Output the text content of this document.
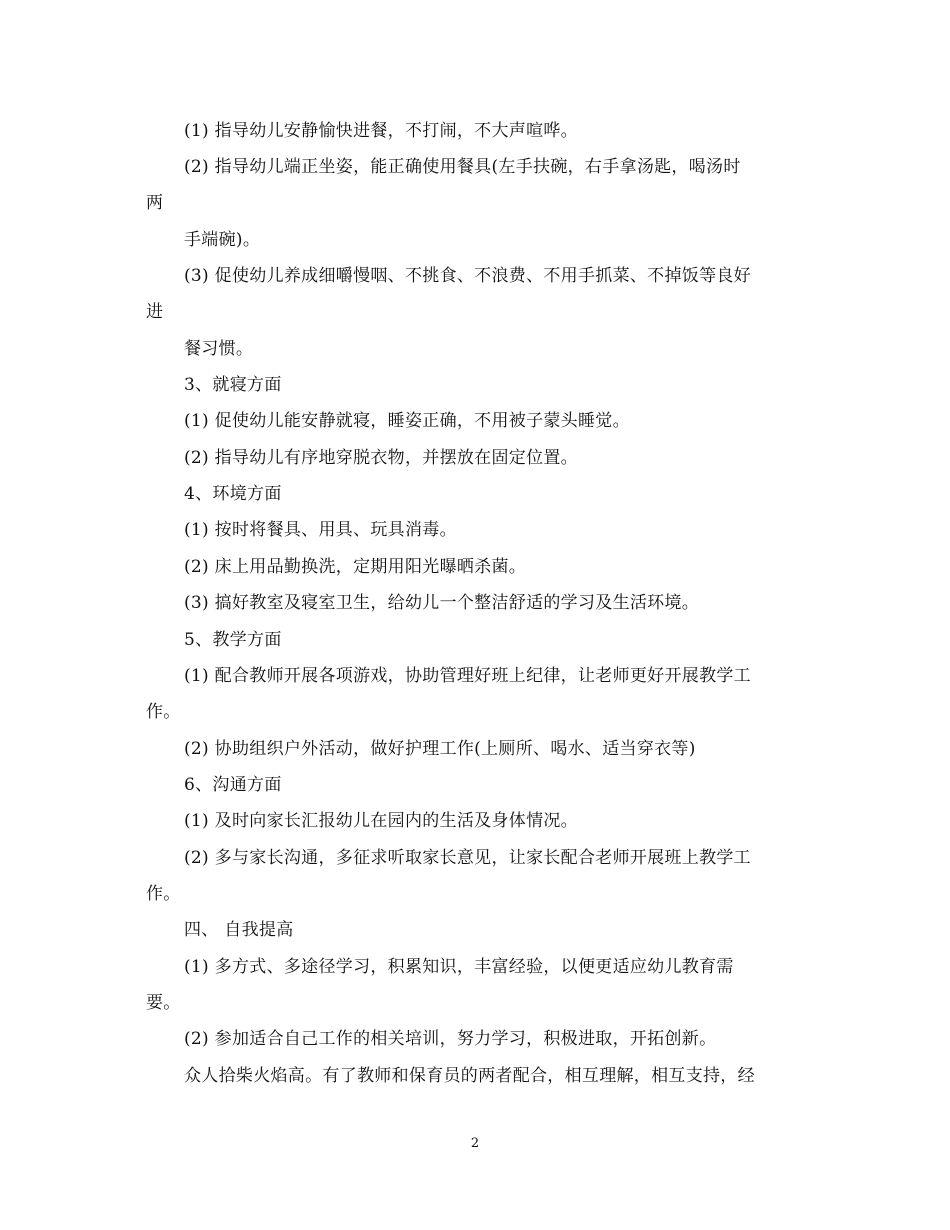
(1) 指导幼儿安静愉快进餐，不打闹，不大声喧哗。
(2) 指导幼儿端正坐姿，能正确使用餐具(左手扶碗，右手拿汤匙，喝汤时
两
手端碗)。
(3) 促使幼儿养成细嚼慢咽、不挑食、不浪费、不用手抓菜、不掉饭等良好
进
餐习惯。
3、就寝方面
(1) 促使幼儿能安静就寝，睡姿正确，不用被子蒙头睡觉。
(2) 指导幼儿有序地穿脱衣物，并摆放在固定位置。
4、环境方面
(1) 按时将餐具、用具、玩具消毒。
(2) 床上用品勤换洗，定期用阳光曝晒杀菌。
(3) 搞好教室及寝室卫生，给幼儿一个整洁舒适的学习及生活环境。
5、教学方面
(1) 配合教师开展各项游戏，协助管理好班上纪律，让老师更好开展教学工
作。
(2) 协助组织户外活动，做好护理工作(上厕所、喝水、适当穿衣等)
6、沟通方面
(1) 及时向家长汇报幼儿在园内的生活及身体情况。
(2) 多与家长沟通，多征求听取家长意见，让家长配合老师开展班上教学工
作。
四、 自我提高
(1) 多方式、多途径学习，积累知识，丰富经验，以便更适应幼儿教育需
要。
(2) 参加适合自己工作的相关培训，努力学习，积极进取，开拓创新。
众人拾柴火焰高。有了教师和保育员的两者配合，相互理解，相互支持，经
2
